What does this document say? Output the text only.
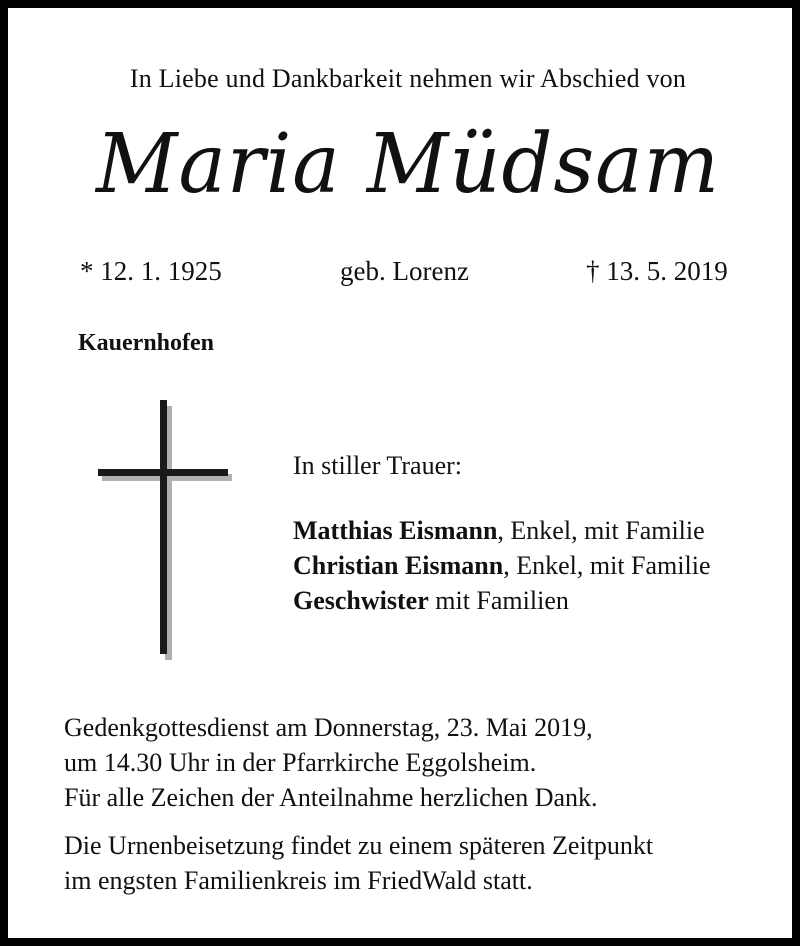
In Liebe und Dankbarkeit nehmen wir Abschied von
Maria Müdsam
* 12. 1. 1925	geb. Lorenz	† 13. 5. 2019
Kauernhofen
In stiller Trauer:
Matthias Eismann, Enkel, mit Familie
Christian Eismann, Enkel, mit Familie
Geschwister mit Familien
Gedenkgottesdienst am Donnerstag, 23. Mai 2019,
um 14.30 Uhr in der Pfarrkirche Eggolsheim.
Für alle Zeichen der Anteilnahme herzlichen Dank.
Die Urnenbeisetzung findet zu einem späteren Zeitpunkt
im engsten Familienkreis im FriedWald statt.
